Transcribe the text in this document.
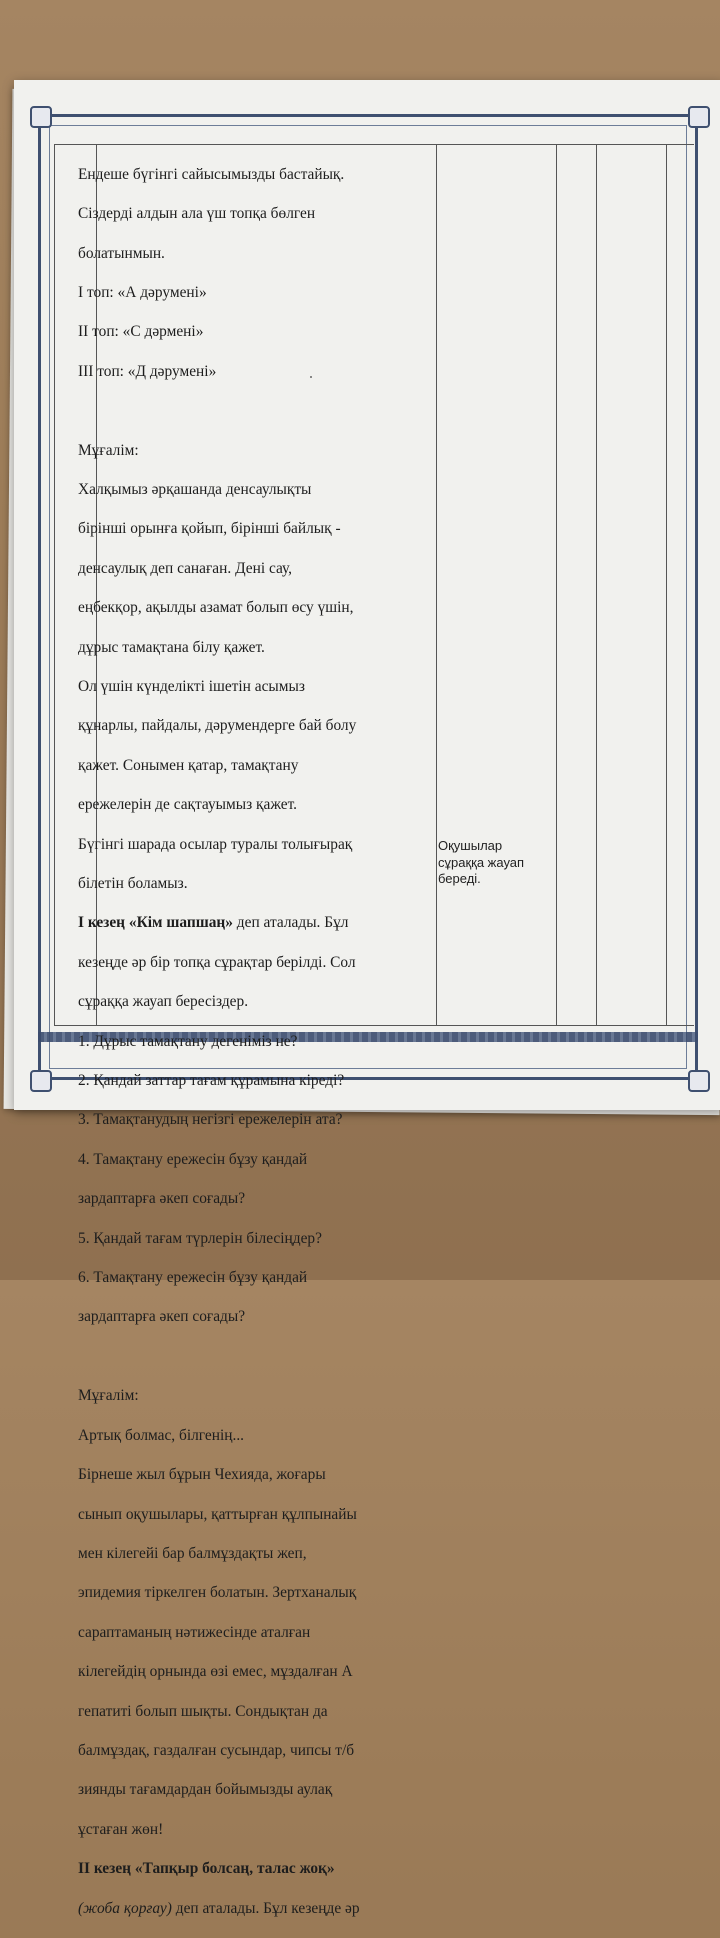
Ендеше бүгінгі сайысымызды бастайық.

Сіздерді алдын ала үш топқа бөлген

болатынмын.

І топ: «А дәрумені»

ІІ топ: «С дәрмені»

ІІІ топ: «Д дәрумені»

Мұғалім:

Халқымыз әрқашанда денсаулықты

бірінші орынға қойып, бірінші байлық -

денсаулық деп санаған. Дені сау,

еңбекқор, ақылды азамат болып өсу үшін,

дұрыс тамақтана білу қажет.

Ол үшін күнделікті ішетін асымыз

құнарлы, пайдалы, дәрумендерге бай болу

қажет. Сонымен қатар, тамақтану

ережелерін де сақтауымыз қажет.

Бүгінгі шарада осылар туралы толығырақ

білетін боламыз.

І кезең «Кім шапшаң» деп аталады. Бұл

кезеңде әр бір топқа сұрақтар берілді. Сол

сұраққа жауап бересіздер.

1. Дұрыс тамақтану дегеніміз не?

2. Қандай заттар тағам құрамына кіреді?

3. Тамақтанудың негізгі ережелерін ата?

4. Тамақтану ережесін бұзу қандай

зардаптарға әкеп соғады?

5. Қандай тағам түрлерін білесіңдер?

6. Тамақтану ережесін бұзу қандай

зардаптарға әкеп соғады?

Мұғалім:

Артық болмас, білгенің...

Бірнеше жыл бұрын Чехияда, жоғары

сынып оқушылары, қаттырған құлпынайы

мен кілегейі бар балмұздақты жеп,

эпидемия тіркелген болатын. Зертханалық

сараптаманың нәтижесінде аталған

кілегейдің орнында өзі емес, мұздалған А

гепатиті болып шықты. Сондықтан да

балмұздақ, газдалған сусындар, чипсы т/б

зиянды тағамдардан бойымызды аулақ

ұстаған жөн!

ІІ кезең «Тапқыр болсаң, талас жоқ»

(жоба қорғау) деп аталады. Бұл кезеңде әр

Оқушылар
сұраққа жауап
береді.
